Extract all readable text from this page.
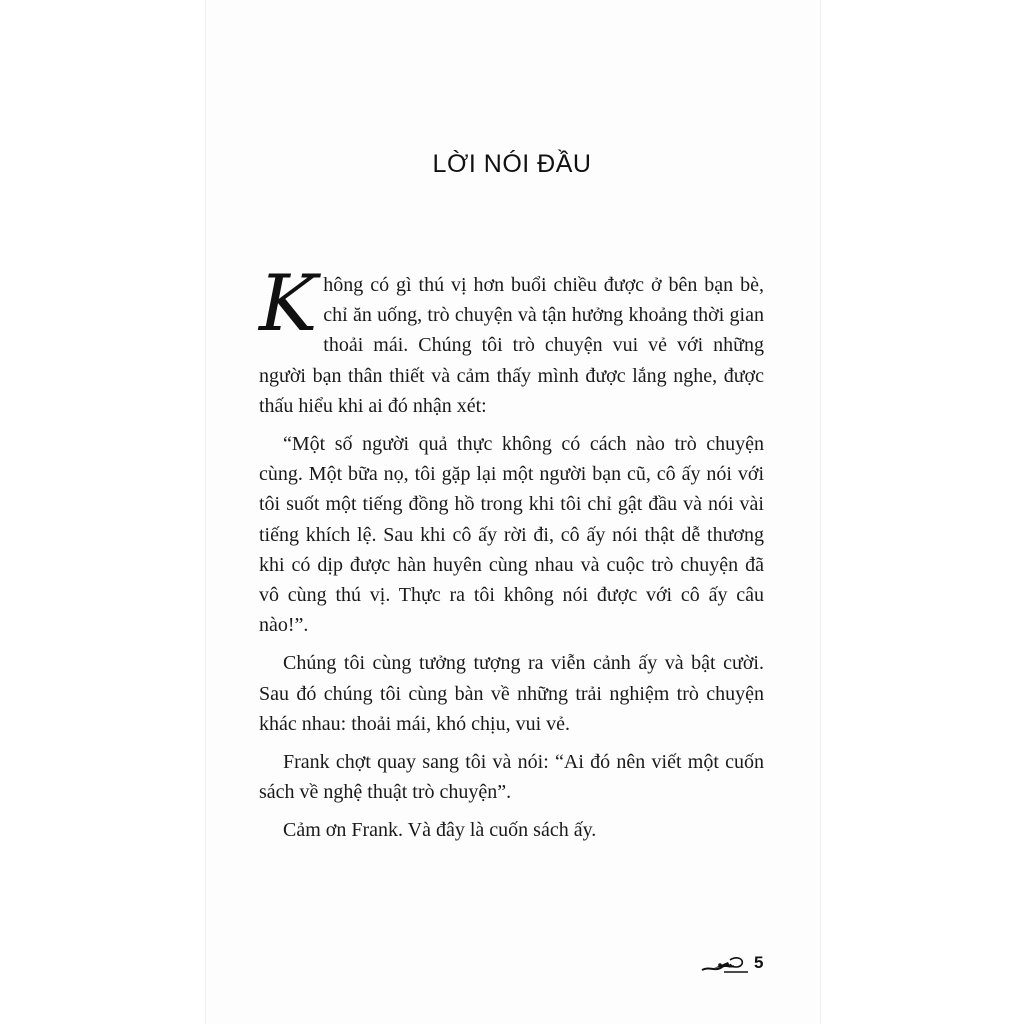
LỜI NÓI ĐẦU

Không có gì thú vị hơn buổi chiều được ở bên bạn bè, chỉ ăn uống, trò chuyện và tận hưởng khoảng thời gian thoải mái. Chúng tôi trò chuyện vui vẻ với những người bạn thân thiết và cảm thấy mình được lắng nghe, được thấu hiểu khi ai đó nhận xét:

“Một số người quả thực không có cách nào trò chuyện cùng. Một bữa nọ, tôi gặp lại một người bạn cũ, cô ấy nói với tôi suốt một tiếng đồng hồ trong khi tôi chỉ gật đầu và nói vài tiếng khích lệ. Sau khi cô ấy rời đi, cô ấy nói thật dễ thương khi có dịp được hàn huyên cùng nhau và cuộc trò chuyện đã vô cùng thú vị. Thực ra tôi không nói được với cô ấy câu nào!”.

Chúng tôi cùng tưởng tượng ra viễn cảnh ấy và bật cười. Sau đó chúng tôi cùng bàn về những trải nghiệm trò chuyện khác nhau: thoải mái, khó chịu, vui vẻ.

Frank chợt quay sang tôi và nói: “Ai đó nên viết một cuốn sách về nghệ thuật trò chuyện”.

Cảm ơn Frank. Và đây là cuốn sách ấy.

5
